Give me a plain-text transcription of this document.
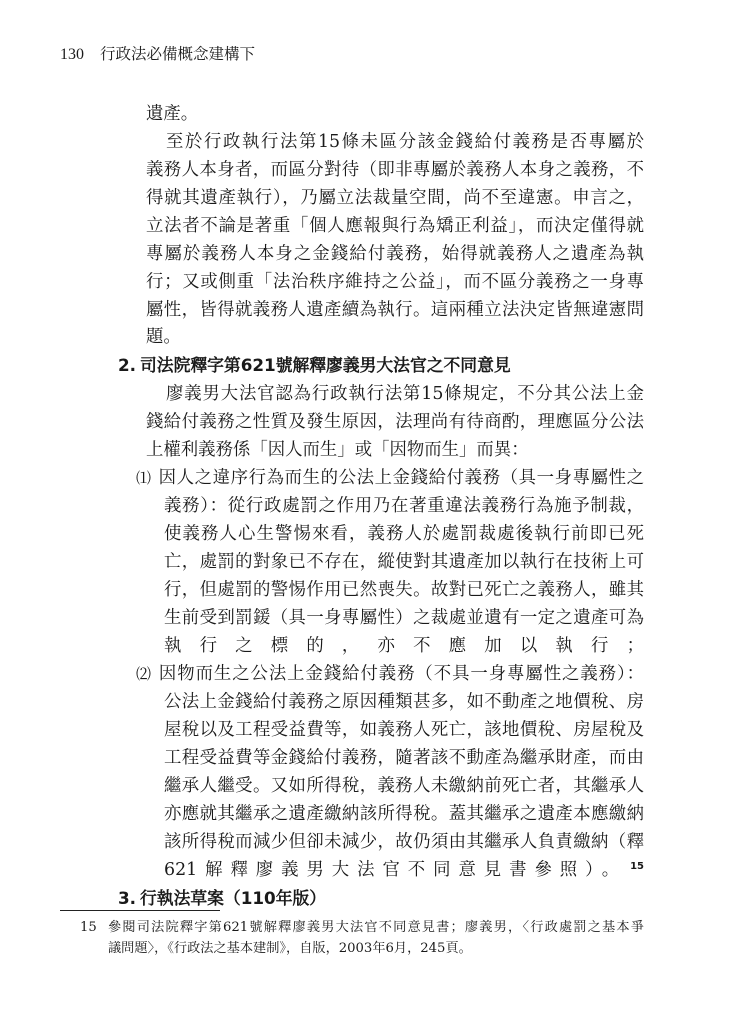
130 行政法必備概念建構下
遺產。
至於行政執行法第15條未區分該金錢給付義務是否專屬於
義務人本身者，而區分對待（即非專屬於義務人本身之義務，不
得就其遺產執行），乃屬立法裁量空間，尚不至違憲。申言之，
立法者不論是著重「個人應報與行為矯正利益」，而決定僅得就
專屬於義務人本身之金錢給付義務，始得就義務人之遺產為執
行；又或側重「法治秩序維持之公益」，而不區分義務之一身專
屬性，皆得就義務人遺產續為執行。這兩種立法決定皆無違憲問
題。
2. 司法院釋字第621號解釋廖義男大法官之不同意見
廖義男大法官認為行政執行法第15條規定，不分其公法上金
錢給付義務之性質及發生原因，法理尚有待商酌，理應區分公法
上權利義務係「因人而生」或「因物而生」而異：
⑴ 因人之違序行為而生的公法上金錢給付義務（具一身專屬性之
義務）：從行政處罰之作用乃在著重違法義務行為施予制裁，
使義務人心生警惕來看，義務人於處罰裁處後執行前即已死
亡，處罰的對象已不存在，縱使對其遺產加以執行在技術上可
行，但處罰的警惕作用已然喪失。故對已死亡之義務人，雖其
生前受到罰鍰（具一身專屬性）之裁處並遺有一定之遺產可為
執行之標的，亦不應加以執行；
⑵ 因物而生之公法上金錢給付義務（不具一身專屬性之義務）：
公法上金錢給付義務之原因種類甚多，如不動產之地價稅、房
屋稅以及工程受益費等，如義務人死亡，該地價稅、房屋稅及
工程受益費等金錢給付義務，隨著該不動產為繼承財產，而由
繼承人繼受。又如所得稅，義務人未繳納前死亡者，其繼承人
亦應就其繼承之遺產繳納該所得稅。蓋其繼承之遺產本應繳納
該所得稅而減少但卻未減少，故仍須由其繼承人負責繳納（釋
621解釋廖義男大法官不同意見書參照）。 $^{15}$
3. 行執法草案（110年版）
15 參閱司法院釋字第621號解釋廖義男大法官不同意見書；廖義男，〈行政處罰之基本爭
議問題〉，《行政法之基本建制》，自版，2003年6月，245頁。
